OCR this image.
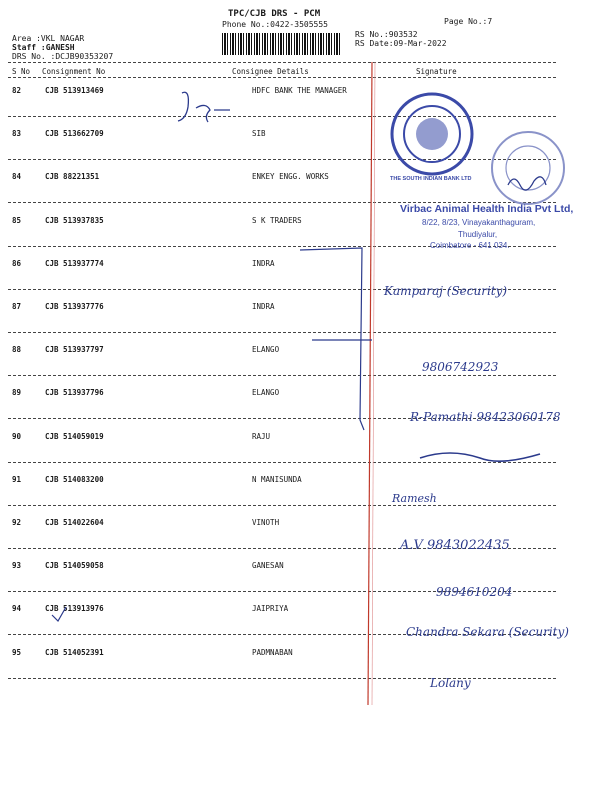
TPC/CJB DRS - PCM
Phone No.:0422-3505555	Page No.:7
Area :VKL NAGAR
Staff :GANESH
DRS No. :DCJB90353207
RS No.:903532
RS Date:09-Mar-2022
S No Consignment No	Consignee Details	Signature
82	CJB 513913469	HDFC BANK THE MANAGER
83	CJB 513662709	SIB
84	CJB 88221351	ENKEY ENGG. WORKS
85	CJB 513937835	S K TRADERS
86	CJB 513937774	INDRA
87	CJB 513937776	INDRA
88	CJB 513937797	ELANGO
89	CJB 513937796	ELANGO
90	CJB 514059019	RAJU
91	CJB 514083200	N MANISUNDA
92	CJB 514022604	VINOTH
93	CJB 514059058	GANESAN
94	CJB 513913976	JAIPRIYA
95	CJB 514052391	PADMNABAN
22
THE SOUTH INDIAN BANK LTD
Virbac Animal Health India Pvt Ltd,
8/22, 8/23, Vinayakanthaguram,
Thudiyalur,
Coimbatore - 641 034.
Kamparaj (Security)
9806742923
R-Pamathi 98423060178
Ramesh
A.V 9843022435
9894610204
Chandra Sekara (Security)
Lolany
